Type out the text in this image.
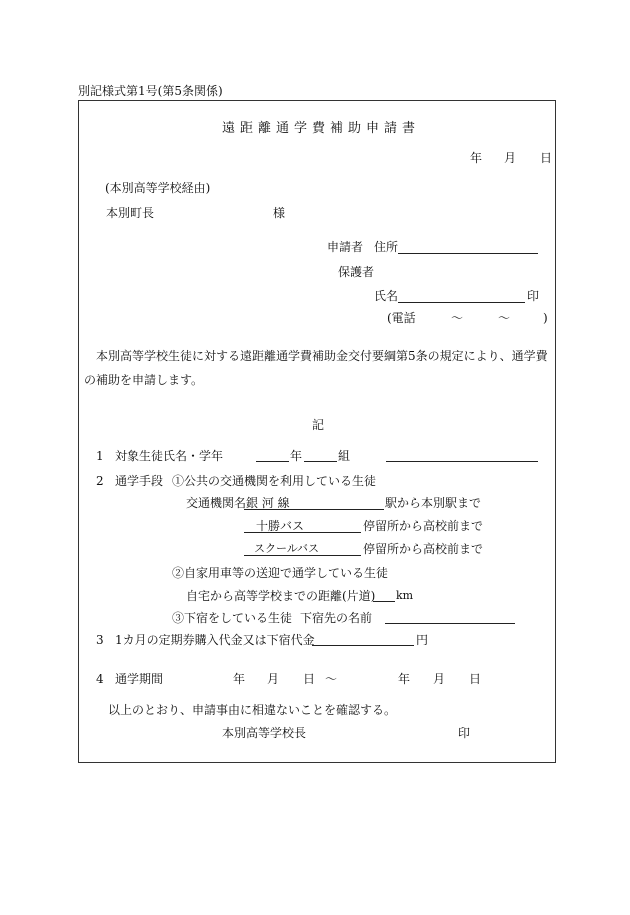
別記様式第1号(第5条関係)
遠距離通学費補助申請書
年 月 日
(本別高等学校経由)
本別町長	様
申請者 住所
保護者
氏名	印
(電話	〜	〜	)
本別高等学校生徒に対する遠距離通学費補助金交付要綱第5条の規定により、通学費の補助を申請します。
記
1 対象生徒氏名・学年	年	組
2 通学手段 ①公共の交通機関を利用している生徒
交通機関名 銀 河 線	駅から本別駅まで
十勝バス	停留所から高校前まで
スクールバス	停留所から高校前まで
②自家用車等の送迎で通学している生徒
自宅から高等学校までの距離(片道) km
③下宿をしている生徒 下宿先の名前
3 1カ月の定期券購入代金又は下宿代金	円
4 通学期間	年 月 日 〜	年 月 日
以上のとおり、申請事由に相違ないことを確認する。
本別高等学校長	印
